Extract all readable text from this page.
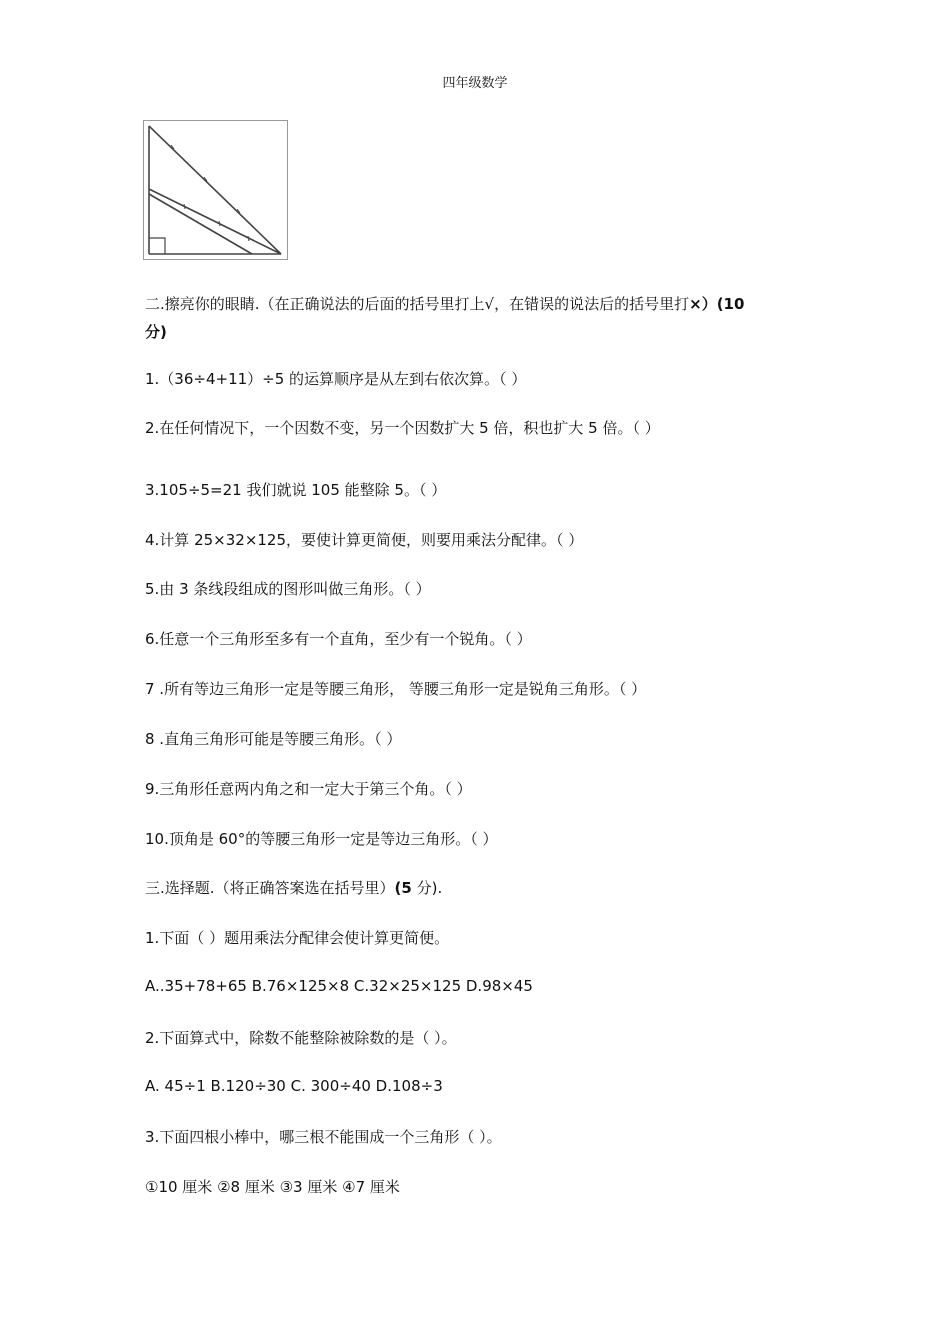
四年级数学
二.擦亮你的眼睛.（在正确说法的后面的括号里打上√，在错误的说法后的括号里打×）(10
分)
1.（36÷4+11）÷5 的运算顺序是从左到右依次算。（ ）
2.在任何情况下，一个因数不变，另一个因数扩大 5 倍，积也扩大 5 倍。（ ）
3.105÷5=21 我们就说 105 能整除 5。（ ）
4.计算 25×32×125，要使计算更简便，则要用乘法分配律。（ ）
5.由 3 条线段组成的图形叫做三角形。（ ）
6.任意一个三角形至多有一个直角，至少有一个锐角。（ ）
7 .所有等边三角形一定是等腰三角形， 等腰三角形一定是锐角三角形。（ ）
8 .直角三角形可能是等腰三角形。（ ）
9.三角形任意两内角之和一定大于第三个角。（ ）
10.顶角是 60°的等腰三角形一定是等边三角形。（ ）
三.选择题.（将正确答案选在括号里）(5 分).
1.下面（ ）题用乘法分配律会使计算更简便。
A..35+78+65 B.76×125×8 C.32×25×125 D.98×45
2.下面算式中，除数不能整除被除数的是（ ）。
A. 45÷1 B.120÷30 C. 300÷40 D.108÷3
3.下面四根小棒中，哪三根不能围成一个三角形（ ）。
①10 厘米 ②8 厘米 ③3 厘米 ④7 厘米
